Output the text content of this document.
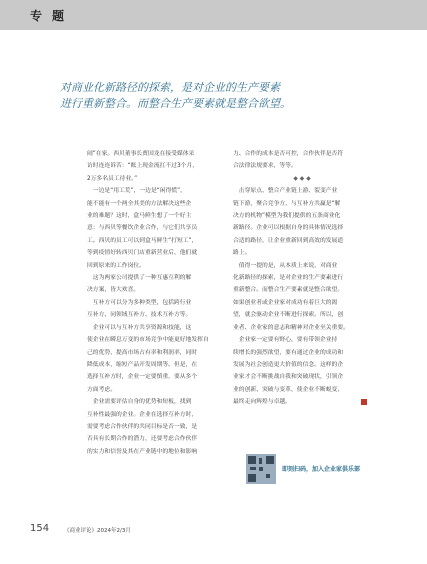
专题
对商业化新路径的探索，是对企业的生产要素
进行重新整合。而整合生产要素就是整合欲望。

闹”在家。西贝董事长贾国龙在接受媒体采

访时连连诉苦：“账上现金流扛不过3个月，

2万多名员工待业。”

　一边是“用工荒”，一边是“闲得慌”，

能不能有一个两全其美的方法解决这些企

业的难题？这时，盒马鲜生想了一个好主

意：与西贝等餐饮企业合作，与它们共享员

工。西贝的员工可以到盒马鲜生“打短工”，

等到疫情好转西贝门店重新营业后，他们就

回到原来的工作岗位。

　这为两家公司提供了一种互惠互利的解

决方案，皆大欢喜。

　互补方可以分为多种类型，包括跨行业

互补方、同领域互补方、技术互补方等。

　企业可以与互补方共享资源和技能，这

使企业在瞬息万变的市场竞争中能更好地发挥自

己的优势，提高市场占有率和利润率，同时

降低成本，缩短产品开发周期等。但是，在

选择互补方时，企业一定要慎重，要从多个

方面考虑。

　企业需要评估自身的优势和短板，找到

互补性最强的企业。企业在选择互补方时，

需要考虑合作伙伴的共同目标是否一致，是

否具有长期合作的潜力，还要考虑合作伙伴

的实力和信誉及其在产业链中的地位和影响

力、合作的成本是否可控，合作伙伴是否符

合法律法规要求，等等。

◆◆◆

　击穿原点、整合产业链上游、裂变产业

链下游，聚合竞争方，与互补方共赢是“解

决方的机物”模型为我们提供的五条商业化

新路径。企业可以根据自身的具体情况选择

合适的路径，让企业重新回到高效的发展道

路上。

　值得一提的是，从本质上来说，对商业

化新路径的探索，是对企业的生产要素进行

重新整合。而整合生产要素就是整合欲望。

如果创业者或企业家对成功有着巨大的渴

望，就会驱动企业不断进行探索。所以，创

业者、企业家的意志和精神对企业至关重要。

　企业家一定要有野心，要有带领企业持

续增长的强烈欲望，要有通过企业的成功和

发展为社会创造更大价值的信念。这样的企

业家才会不断挑战自我和突破现状，引领企

业的创新、突破与变革，使企业不断蜕变，

最终走向辉煌与卓越。

即刻扫码，加入企业家俱乐部
154	《商业评论》2024年2/3月
